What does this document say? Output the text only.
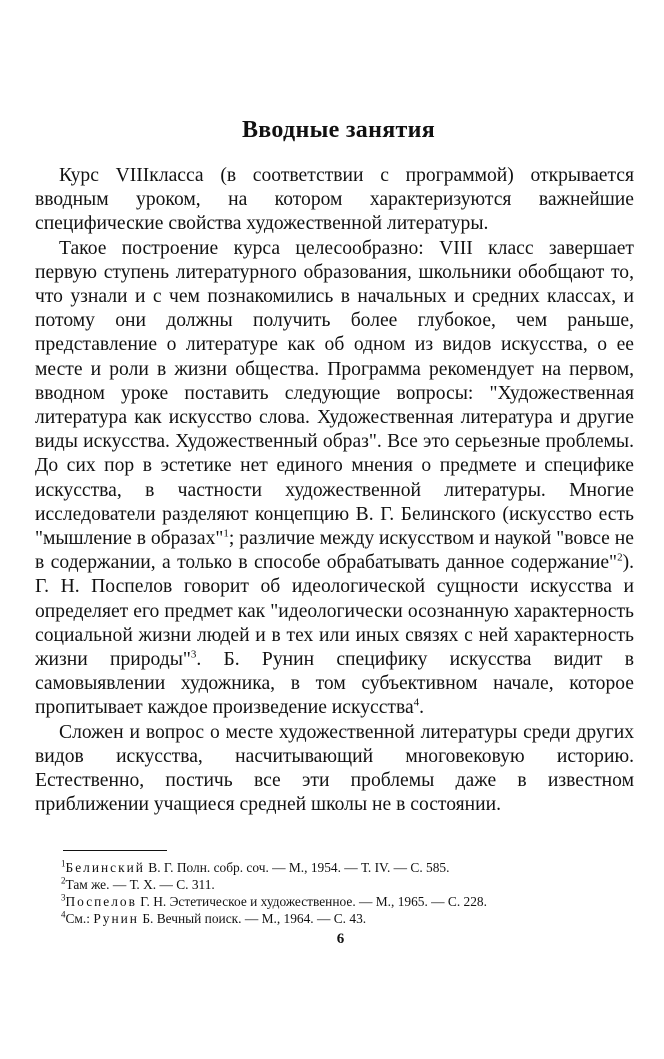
Вводные занятия

Курс VIIIкласса (в соответствии с программой) открывается вводным уроком, на котором характеризуются важнейшие специфические свойства художественной литературы.

Такое построение курса целесообразно: VIII класс завершает первую ступень литературного образования, школьники обобщают то, что узнали и с чем познакомились в начальных и средних классах, и потому они должны получить более глубокое, чем раньше, представление о литературе как об одном из видов искусства, о ее месте и роли в жизни общества. Программа рекомендует на первом, вводном уроке поставить следующие вопросы: "Художественная литература как искусство слова. Художественная литература и другие виды искусства. Художественный образ". Все это серьезные проблемы. До сих пор в эстетике нет единого мнения о предмете и специфике искусства, в частности художественной литературы. Многие исследователи разделяют концепцию В. Г. Белинского (искусство есть "мышление в образах"$^1$; различие между искусством и наукой "вовсе не в содержании, а только в способе обрабатывать данное содержание"$^2$). Г. Н. Поспелов говорит об идеологической сущности искусства и определяет его предмет как "идеологически осознанную характерность социальной жизни людей и в тех или иных связях с ней характерность жизни природы"$^3$. Б. Рунин специфику искусства видит в самовыявлении художника, в том субъективном начале, которое пропитывает каждое произведение искусства$^4$.

Сложен и вопрос о месте художественной литературы среди других видов искусства, насчитывающий многовековую историю. Естественно, постичь все эти проблемы даже в известном приближении учащиеся средней школы не в состоянии.

$^1$Белинский В. Г. Полн. собр. соч. — М., 1954. — Т. IV. — С. 585.

$^2$Там же. — Т. X. — С. 311.

$^3$Поспелов Г. Н. Эстетическое и художественное. — М., 1965. — С. 228.

$^4$См.: Рунин Б. Вечный поиск. — М., 1964. — С. 43.

6
